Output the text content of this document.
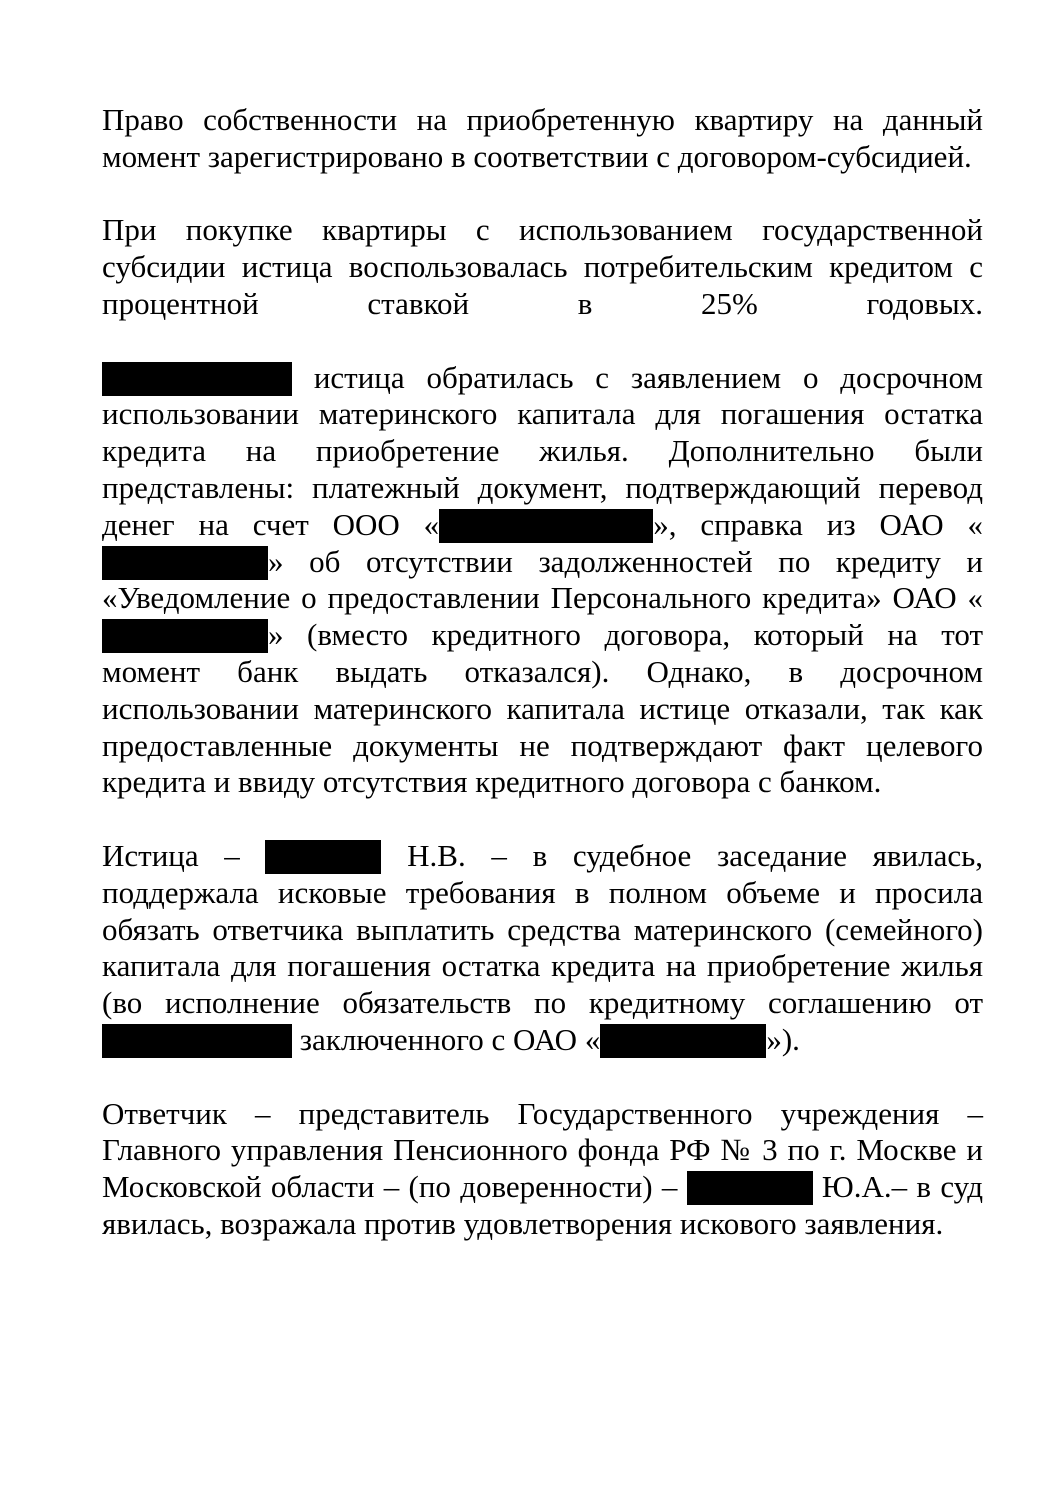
Право собственности на приобретенную квартиру на данный момент зарегистрировано в соответствии с договором-субсидией.

При покупке квартиры с использованием государственной субсидии истица воспользовалась потребительским кредитом с процентной ставкой в 25% годовых.

истица обратилась с заявлением о досрочном использовании материнского капитала для погашения остатка кредита на приобретение жилья. Дополнительно были представлены: платежный документ, подтверждающий перевод денег на счет ООО «	», справка из ОАО «» об отсутствии задолженностей по кредиту и «Уведомление о предоставлении Персонального кредита» ОАО «» (вместо кредитного договора, который на тот момент банк выдать отказался). Однако, в досрочном использовании материнского капитала истице отказали, так как предоставленные документы не подтверждают факт целевого кредита и ввиду отсутствия кредитного договора с банком.

Истица –	Н.В. – в судебное заседание явилась, поддержала исковые требования в полном объеме и просила обязать ответчика выплатить средства материнского (семейного) капитала для погашения остатка кредита на приобретение жилья (во исполнение обязательств по кредитному соглашению от  заключенного с ОАО «	»).

Ответчик – представитель Государственного учреждения – Главного управления Пенсионного фонда РФ № 3 по г. Москве и Московской области – (по доверенности) –	Ю.А.– в суд явилась, возражала против удовлетворения искового заявления.
